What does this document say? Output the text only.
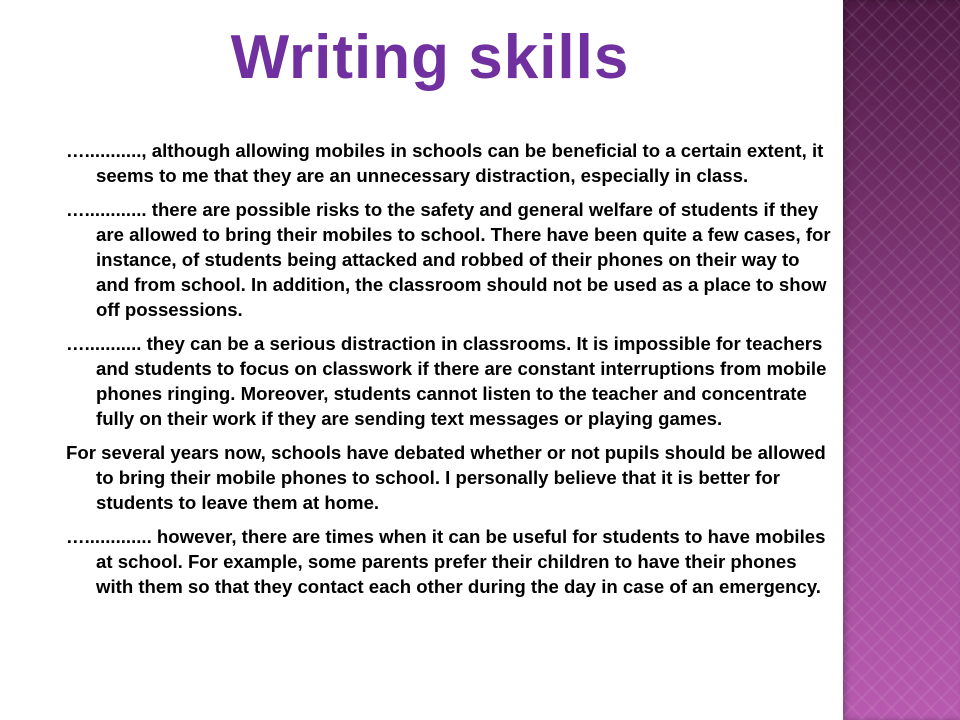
Writing skills

…..........., although allowing mobiles in schools can be beneficial to a certain extent, it seems to me that they are an unnecessary distraction, especially in class.

…............ there are possible risks to the safety and general welfare of students if they are allowed to bring their mobiles to school. There have been quite a few cases, for instance, of students being attacked and robbed of their phones on their way to and from school. In addition, the classroom should not be used as a place to show off possessions.

…........... they can be a serious distraction in classrooms. It is impossible for teachers and students to focus on classwork if there are constant interruptions from mobile phones ringing. Moreover, students cannot listen to the teacher and concentrate fully on their work if they are sending text messages or playing games.

For several years now, schools have debated whether or not pupils should be allowed to bring their mobile phones to school. I personally believe that it is better for students to leave them at home.

…............. however, there are times when it can be useful for students to have mobiles at school. For example, some parents prefer their children to have their phones with them so that they contact each other during the day in case of an emergency.
